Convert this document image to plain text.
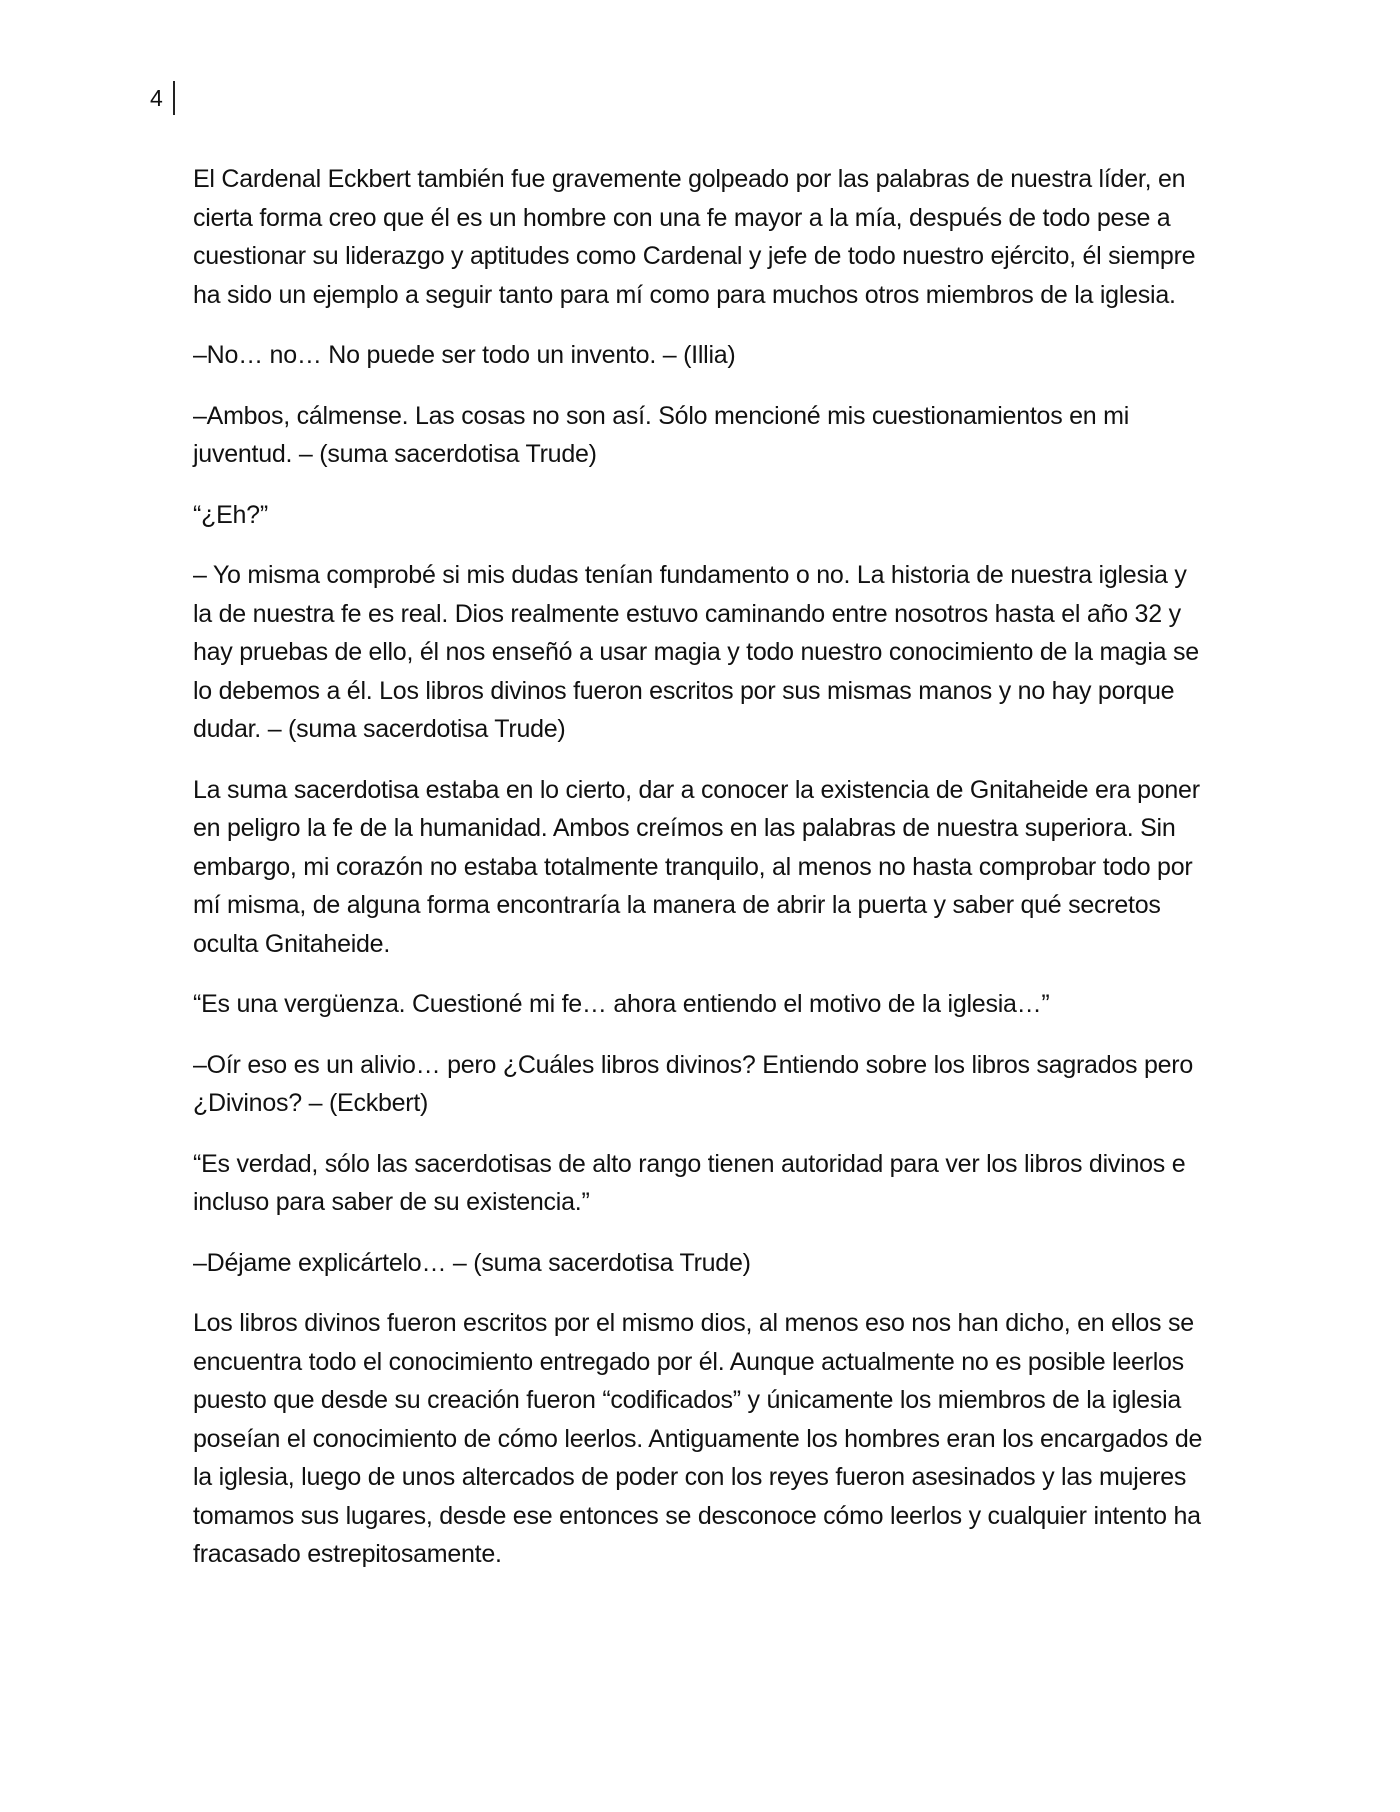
4

El Cardenal Eckbert también fue gravemente golpeado por las palabras de nuestra líder, en cierta forma creo que él es un hombre con una fe mayor a la mía, después de todo pese a cuestionar su liderazgo y aptitudes como Cardenal y jefe de todo nuestro ejército, él siempre ha sido un ejemplo a seguir tanto para mí como para muchos otros miembros de la iglesia.

–No… no… No puede ser todo un invento. – (Illia)

–Ambos, cálmense. Las cosas no son así. Sólo mencioné mis cuestionamientos en mi juventud. – (suma sacerdotisa Trude)

“¿Eh?”

– Yo misma comprobé si mis dudas tenían fundamento o no. La historia de nuestra iglesia y la de nuestra fe es real. Dios realmente estuvo caminando entre nosotros hasta el año 32 y hay pruebas de ello, él nos enseñó a usar magia y todo nuestro conocimiento de la magia se lo debemos a él. Los libros divinos fueron escritos por sus mismas manos y no hay porque dudar. – (suma sacerdotisa Trude)

La suma sacerdotisa estaba en lo cierto, dar a conocer la existencia de Gnitaheide era poner en peligro la fe de la humanidad. Ambos creímos en las palabras de nuestra superiora. Sin embargo, mi corazón no estaba totalmente tranquilo, al menos no hasta comprobar todo por mí misma, de alguna forma encontraría la manera de abrir la puerta y saber qué secretos oculta Gnitaheide.

“Es una vergüenza. Cuestioné mi fe… ahora entiendo el motivo de la iglesia…”

–Oír eso es un alivio… pero ¿Cuáles libros divinos? Entiendo sobre los libros sagrados pero ¿Divinos? – (Eckbert)

“Es verdad, sólo las sacerdotisas de alto rango tienen autoridad para ver los libros divinos e incluso para saber de su existencia.”

–Déjame explicártelo… – (suma sacerdotisa Trude)

Los libros divinos fueron escritos por el mismo dios, al menos eso nos han dicho, en ellos se encuentra todo el conocimiento entregado por él. Aunque actualmente no es posible leerlos puesto que desde su creación fueron “codificados” y únicamente los miembros de la iglesia poseían el conocimiento de cómo leerlos. Antiguamente los hombres eran los encargados de la iglesia, luego de unos altercados de poder con los reyes fueron asesinados y las mujeres tomamos sus lugares, desde ese entonces se desconoce cómo leerlos y cualquier intento ha fracasado estrepitosamente.
